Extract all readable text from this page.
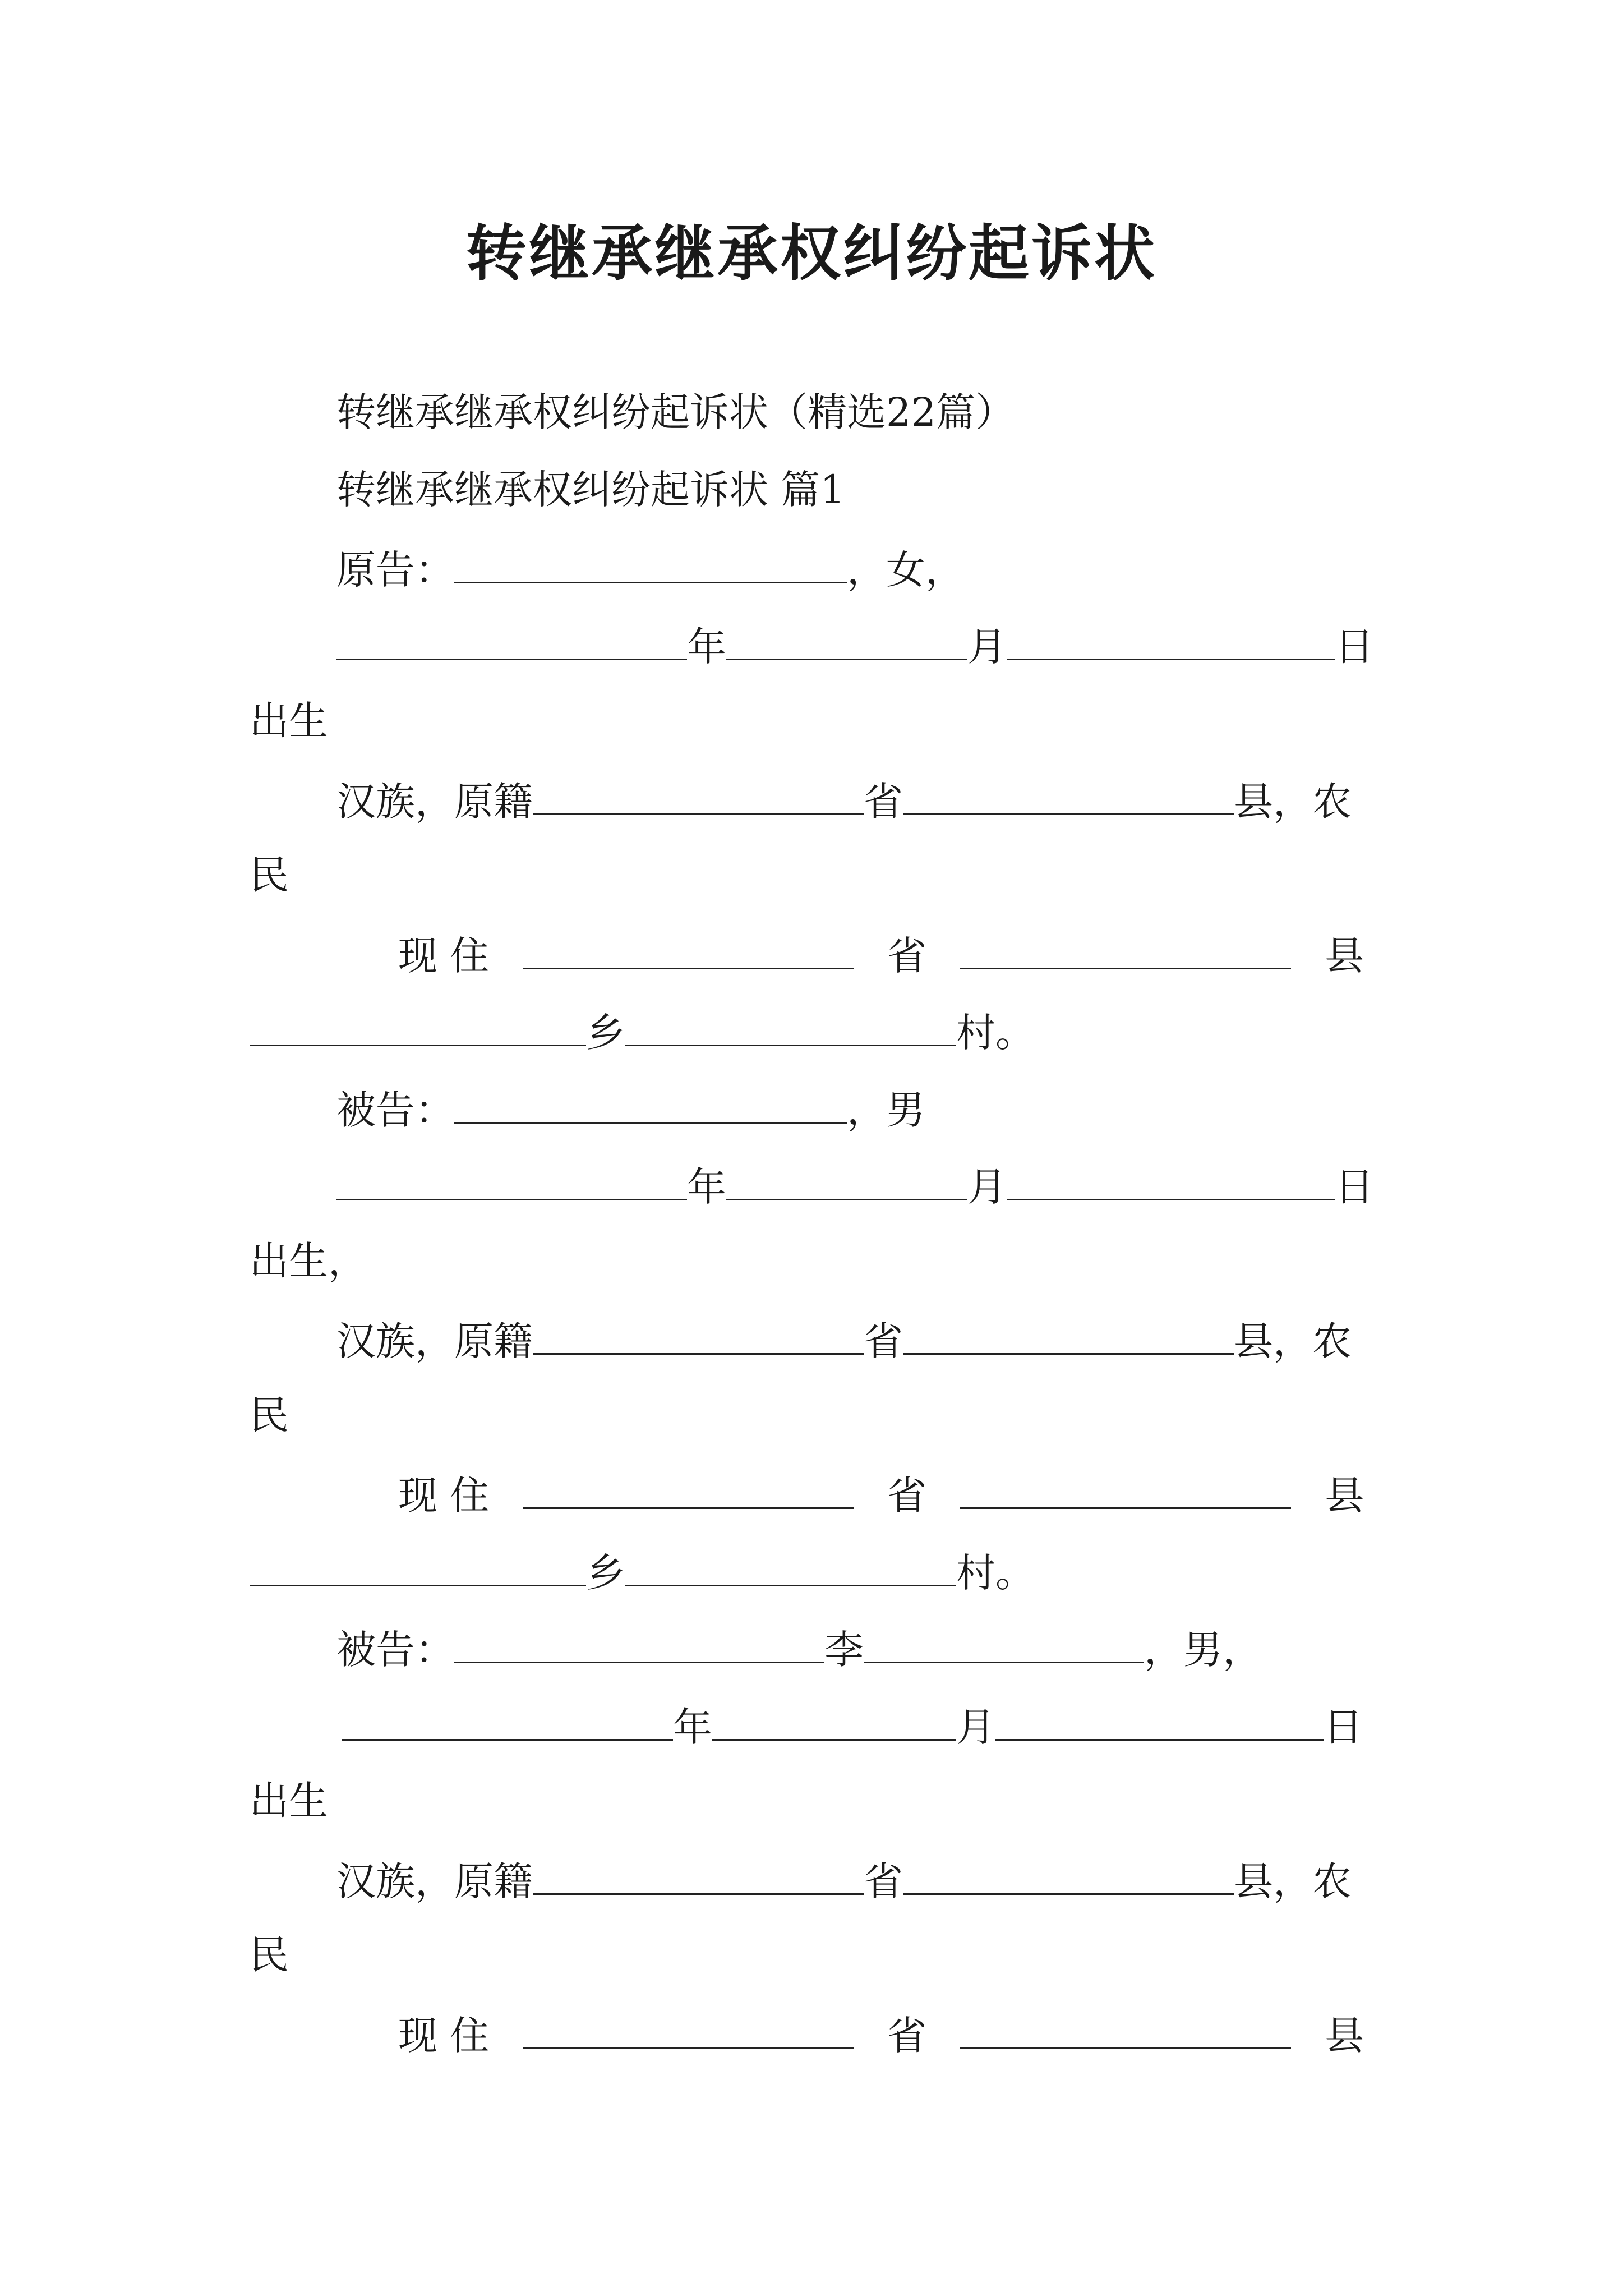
转继承继承权纠纷起诉状
转继承继承权纠纷起诉状（精选22篇）
转继承继承权纠纷起诉状 篇1
原告：	，女，
年	月	日
出生
汉族，原籍	省	县，农
民
现 住	省	县
乡	村。
被告：	，男
年	月	日
出生，
汉族，原籍	省	县，农
民
现 住	省	县
乡	村。
被告：	李	，男，
年	月	日
出生
汉族，原籍	省	县，农
民
现 住	省	县
